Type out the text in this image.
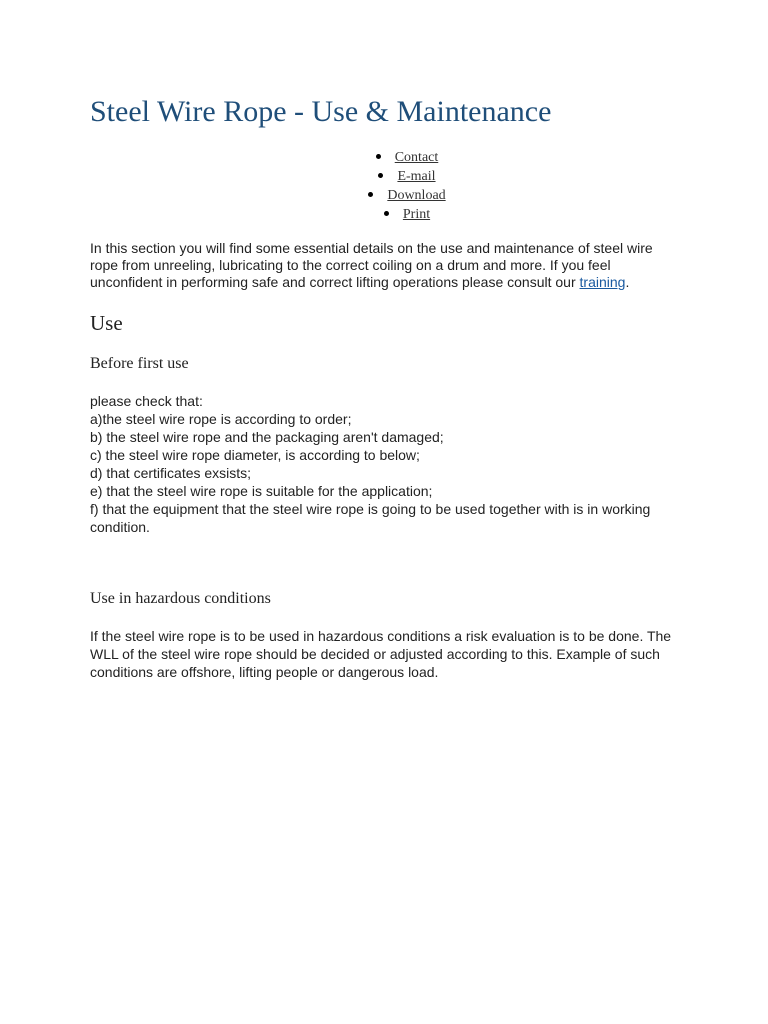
Steel Wire Rope - Use & Maintenance
Contact
E-mail
Download
Print

In this section you will find some essential details on the use and maintenance of steel wire rope from unreeling, lubricating to the correct coiling on a drum and more. If you feel unconfident in performing safe and correct lifting operations please consult our training.

Use
Before first use

please check that:
a)the steel wire rope is according to order;
b) the steel wire rope and the packaging aren't damaged;
c) the steel wire rope diameter, is according to below;
d) that certificates exsists;
e) that the steel wire rope is suitable for the application;
f) that the equipment that the steel wire rope is going to be used together with is in working condition.

Use in hazardous conditions

If the steel wire rope is to be used in hazardous conditions a risk evaluation is to be done. The WLL of the steel wire rope should be decided or adjusted according to this. Example of such conditions are offshore, lifting people or dangerous load.
